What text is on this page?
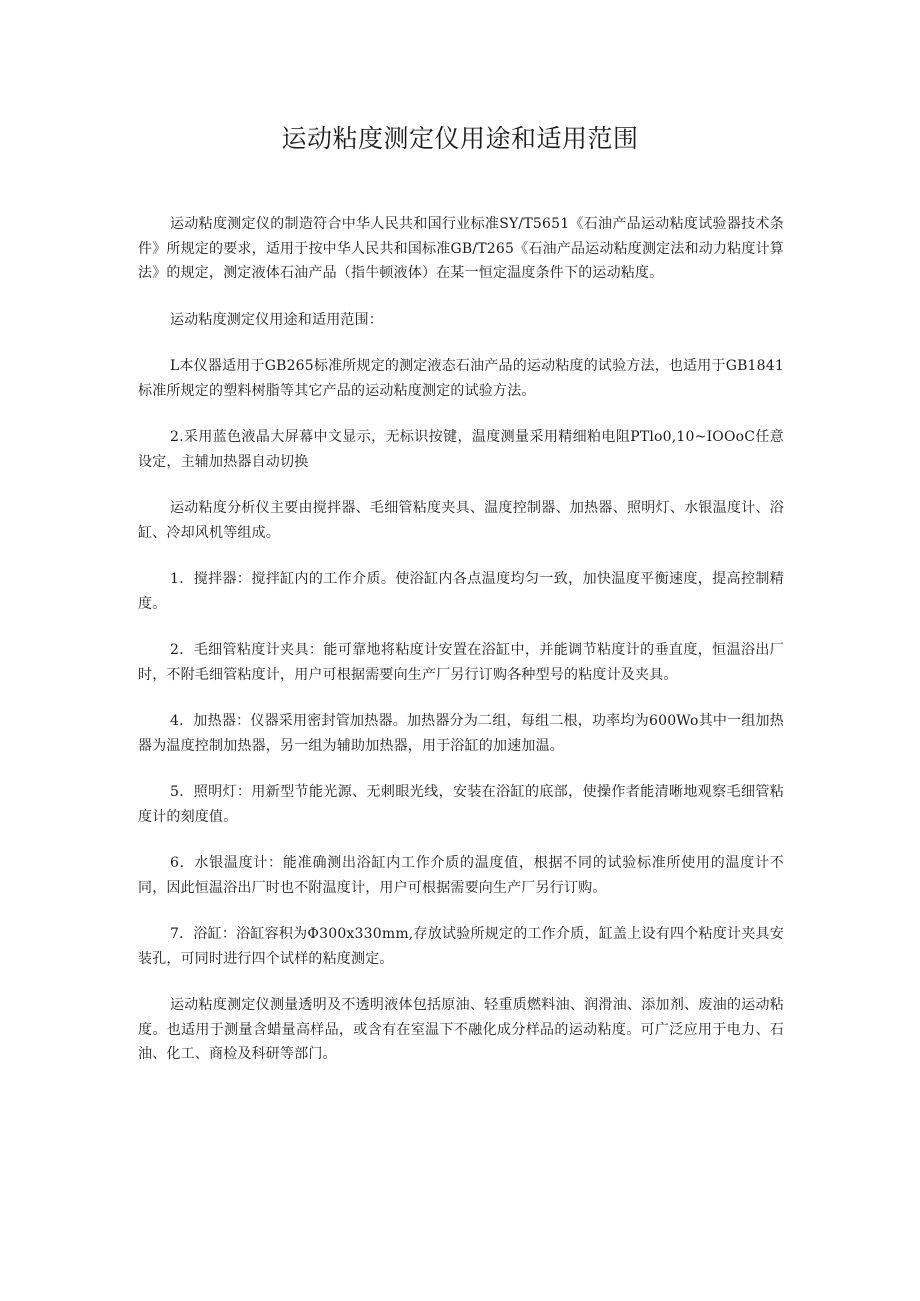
运动粘度测定仪用途和适用范围

运动粘度测定仪的制造符合中华人民共和国行业标准SY/T5651《石油产品运动粘度试验器技术条件》所规定的要求，适用于按中华人民共和国标准GB/T265《石油产品运动粘度测定法和动力粘度计算法》的规定，测定液体石油产品（指牛顿液体）在某一恒定温度条件下的运动粘度。

运动粘度测定仪用途和适用范围：

L本仪器适用于GB265标准所规定的测定液态石油产品的运动粘度的试验方法，也适用于GB1841标准所规定的塑料树脂等其它产品的运动粘度测定的试验方法。

2.采用蓝色液晶大屏幕中文显示，无标识按键，温度测量采用精细粕电阻PTlo0,10~IOOoC任意设定，主辅加热器自动切换

运动粘度分析仪主要由搅拌器、毛细管粘度夹具、温度控制器、加热器、照明灯、水银温度计、浴缸、冷却风机等组成。

1．搅拌器：搅拌缸内的工作介质。使浴缸内各点温度均匀一致，加快温度平衡速度，提高控制精度。

2．毛细管粘度计夹具：能可靠地将粘度计安置在浴缸中，并能调节粘度计的垂直度，恒温浴出厂时，不附毛细管粘度计，用户可根据需要向生产厂另行订购各种型号的粘度计及夹具。

4．加热器：仪器采用密封管加热器。加热器分为二组，每组二根，功率均为600Wo其中一组加热器为温度控制加热器，另一组为辅助加热器，用于浴缸的加速加温。

5．照明灯：用新型节能光源、无刺眼光线，安装在浴缸的底部，使操作者能清晰地观察毛细管粘度计的刻度值。

6．水银温度计：能准确测出浴缸内工作介质的温度值，根据不同的试验标准所使用的温度计不同，因此恒温浴出厂时也不附温度计，用户可根据需要向生产厂另行订购。

7．浴缸：浴缸容积为Φ300x330mm,存放试验所规定的工作介质，缸盖上设有四个粘度计夹具安装孔，可同时进行四个试样的粘度测定。

运动粘度测定仪测量透明及不透明液体包括原油、轻重质燃料油、润滑油、添加剂、废油的运动粘度。也适用于测量含蜡量高样品，或含有在室温下不融化成分样品的运动粘度。可广泛应用于电力、石油、化工、商检及科研等部门。
